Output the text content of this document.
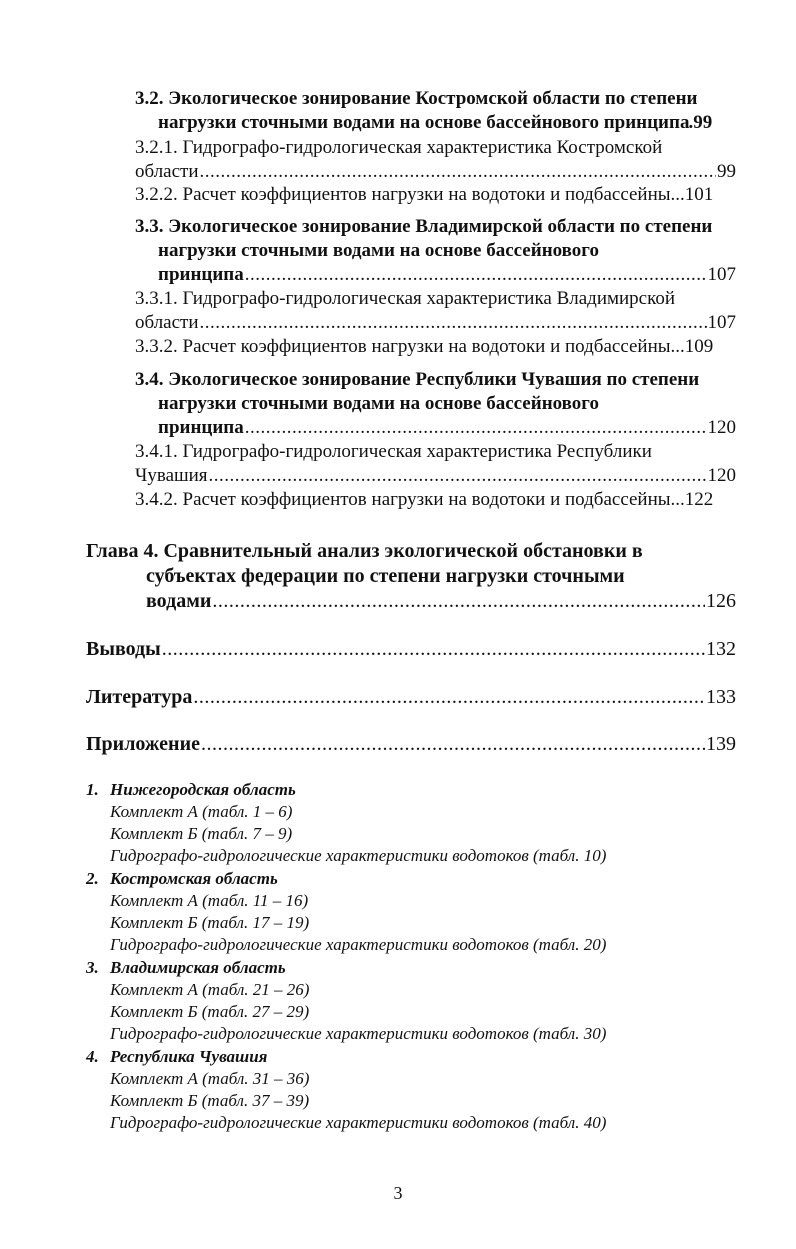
3.2. Экологическое зонирование Костромской области по степени
нагрузки сточными водами на основе бассейнового принципа . 99
3.2.1. Гидрографо-гидрологическая характеристика Костромской
области .....	99
3.2.2. Расчет коэффициентов нагрузки на водотоки и подбассейны ... 101
3.3. Экологическое зонирование Владимирской области по степени
нагрузки сточными водами на основе бассейнового
принципа .....	107
3.3.1. Гидрографо-гидрологическая характеристика Владимирской
области .....	107
3.3.2. Расчет коэффициентов нагрузки на водотоки и подбассейны ... 109
3.4. Экологическое зонирование Республики Чувашия по степени
нагрузки сточными водами на основе бассейнового
принципа .....	120
3.4.1. Гидрографо-гидрологическая характеристика Республики
Чувашия .....	120
3.4.2. Расчет коэффициентов нагрузки на водотоки и подбассейны ... 122
Глава 4. Сравнительный анализ экологической обстановки в
субъектах федерации по степени нагрузки сточными
водами .....	126
Выводы .....	132
Литература .....	133
Приложение .....	139
1. Нижегородская область
Комплект А (табл. 1 – 6)
Комплект Б (табл. 7 – 9)
Гидрографо-гидрологические характеристики водотоков (табл. 10)
2. Костромская область
Комплект А (табл. 11 – 16)
Комплект Б (табл. 17 – 19)
Гидрографо-гидрологические характеристики водотоков (табл. 20)
3. Владимирская область
Комплект А (табл. 21 – 26)
Комплект Б (табл. 27 – 29)
Гидрографо-гидрологические характеристики водотоков (табл. 30)
4. Республика Чувашия
Комплект А (табл. 31 – 36)
Комплект Б (табл. 37 – 39)
Гидрографо-гидрологические характеристики водотоков (табл. 40)
3
